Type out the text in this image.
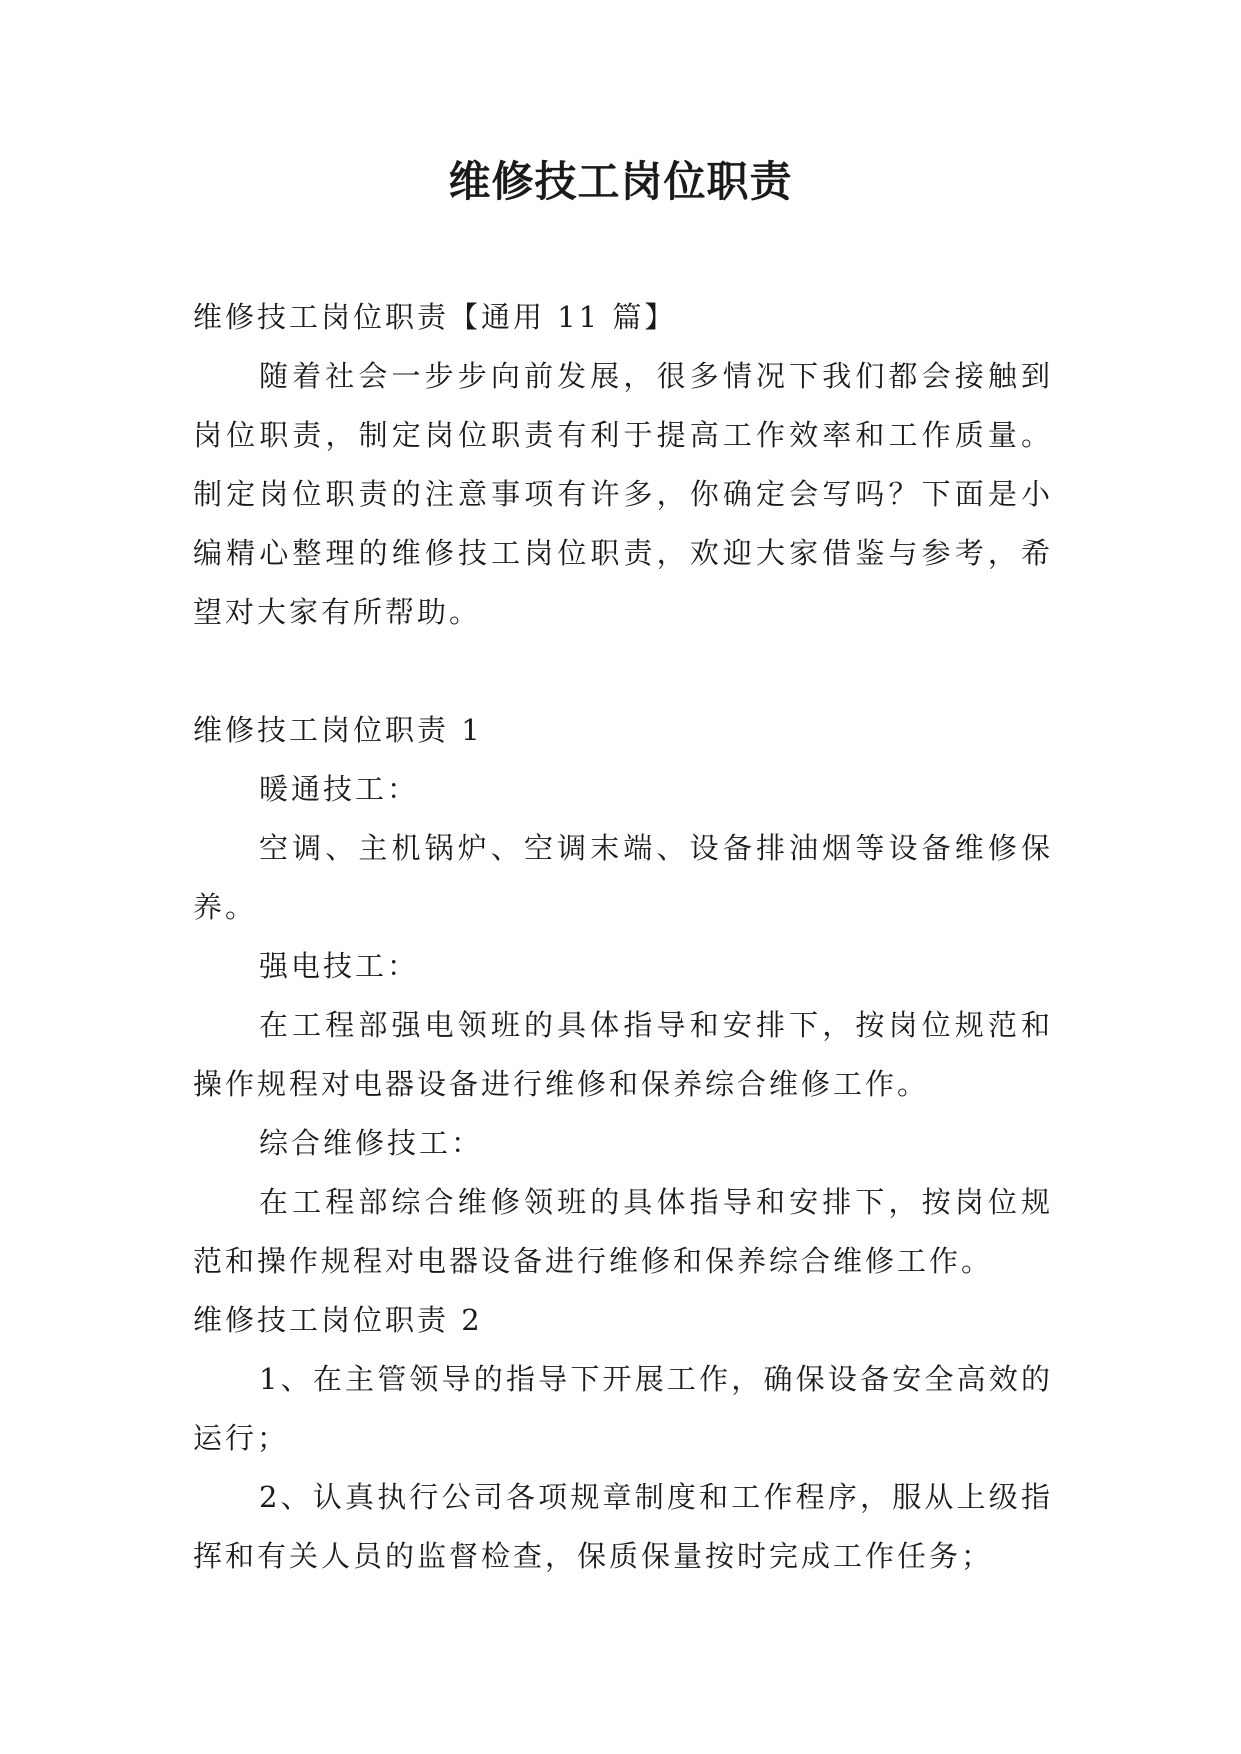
维修技工岗位职责

维修技工岗位职责【通用 11 篇】

随着社会一步步向前发展，很多情况下我们都会接触到岗位职责，制定岗位职责有利于提高工作效率和工作质量。制定岗位职责的注意事项有许多，你确定会写吗？下面是小编精心整理的维修技工岗位职责，欢迎大家借鉴与参考，希望对大家有所帮助。

维修技工岗位职责 1

暖通技工：

空调、主机锅炉、空调末端、设备排油烟等设备维修保养。

强电技工：

在工程部强电领班的具体指导和安排下，按岗位规范和操作规程对电器设备进行维修和保养综合维修工作。

综合维修技工：

在工程部综合维修领班的具体指导和安排下，按岗位规范和操作规程对电器设备进行维修和保养综合维修工作。

维修技工岗位职责 2

1、在主管领导的指导下开展工作，确保设备安全高效的运行；

2、认真执行公司各项规章制度和工作程序，服从上级指挥和有关人员的监督检查，保质保量按时完成工作任务；
